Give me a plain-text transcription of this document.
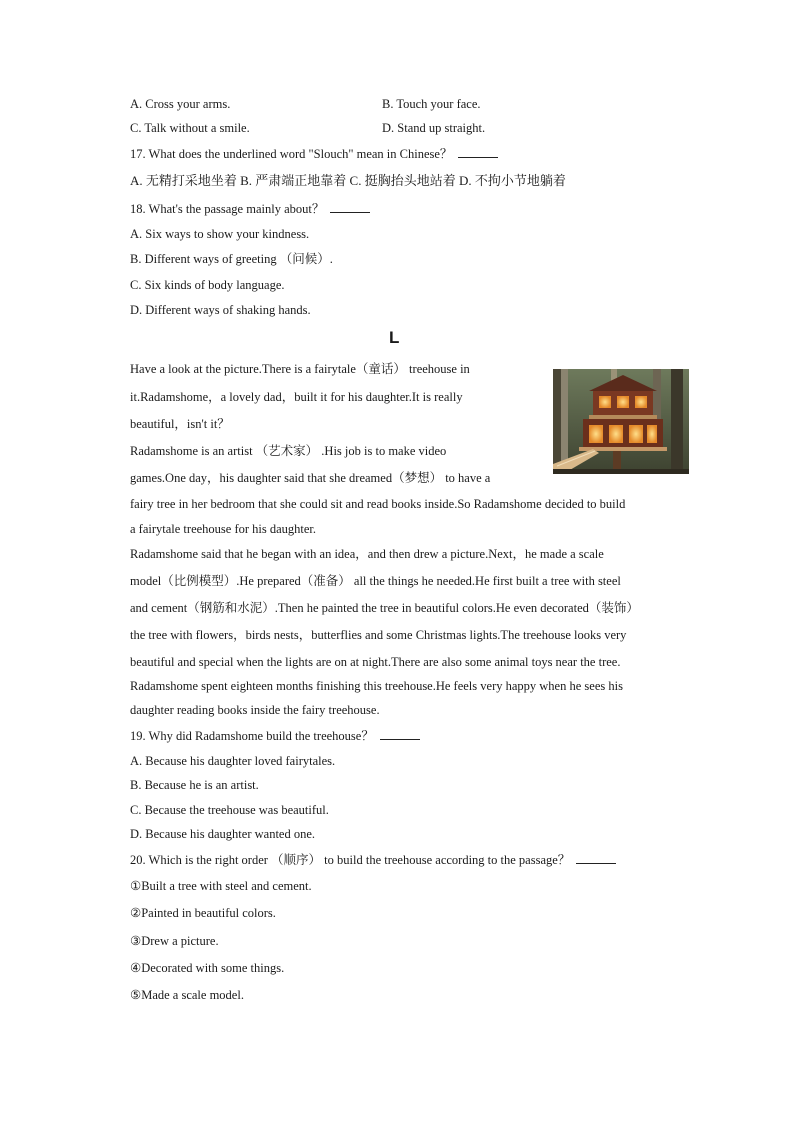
A. Cross your arms.	B. Touch your face.
C. Talk without a smile.	D. Stand up straight.
17. What does the underlined word "Slouch" mean in Chinese？
A. 无精打采地坐着 B. 严肃端正地靠着 C. 挺胸抬头地站着 D. 不拘小节地躺着
18. What's the passage mainly about？
A. Six ways to show your kindness.
B. Different ways of greeting （问候）.
C. Six kinds of body language.
D. Different ways of shaking hands.
L
Have a look at the picture.There is a fairytale（童话） treehouse in
it.Radamshome，a lovely dad，built it for his daughter.It is really
beautiful，isn't it？
Radamshome is an artist （艺术家） .His job is to make video
games.One day，his daughter said that she dreamed（梦想） to have a
fairy tree in her bedroom that she could sit and read books inside.So Radamshome decided to build
a fairytale treehouse for his daughter.
Radamshome said that he began with an idea，and then drew a picture.Next，he made a scale
model（比例模型）.He prepared（准备） all the things he needed.He first built a tree with steel
and cement（钢筋和水泥）.Then he painted the tree in beautiful colors.He even decorated（装饰）
the tree with flowers，birds nests，butterflies and some Christmas lights.The treehouse looks very
beautiful and special when the lights are on at night.There are also some animal toys near the tree.
Radamshome spent eighteen months finishing this treehouse.He feels very happy when he sees his
daughter reading books inside the fairy treehouse.
19. Why did Radamshome build the treehouse？
A. Because his daughter loved fairytales.
B. Because he is an artist.
C. Because the treehouse was beautiful.
D. Because his daughter wanted one.
20. Which is the right order （顺序） to build the treehouse according to the passage？
①Built a tree with steel and cement.
②Painted in beautiful colors.
③Drew a picture.
④Decorated with some things.
⑤Made a scale model.
